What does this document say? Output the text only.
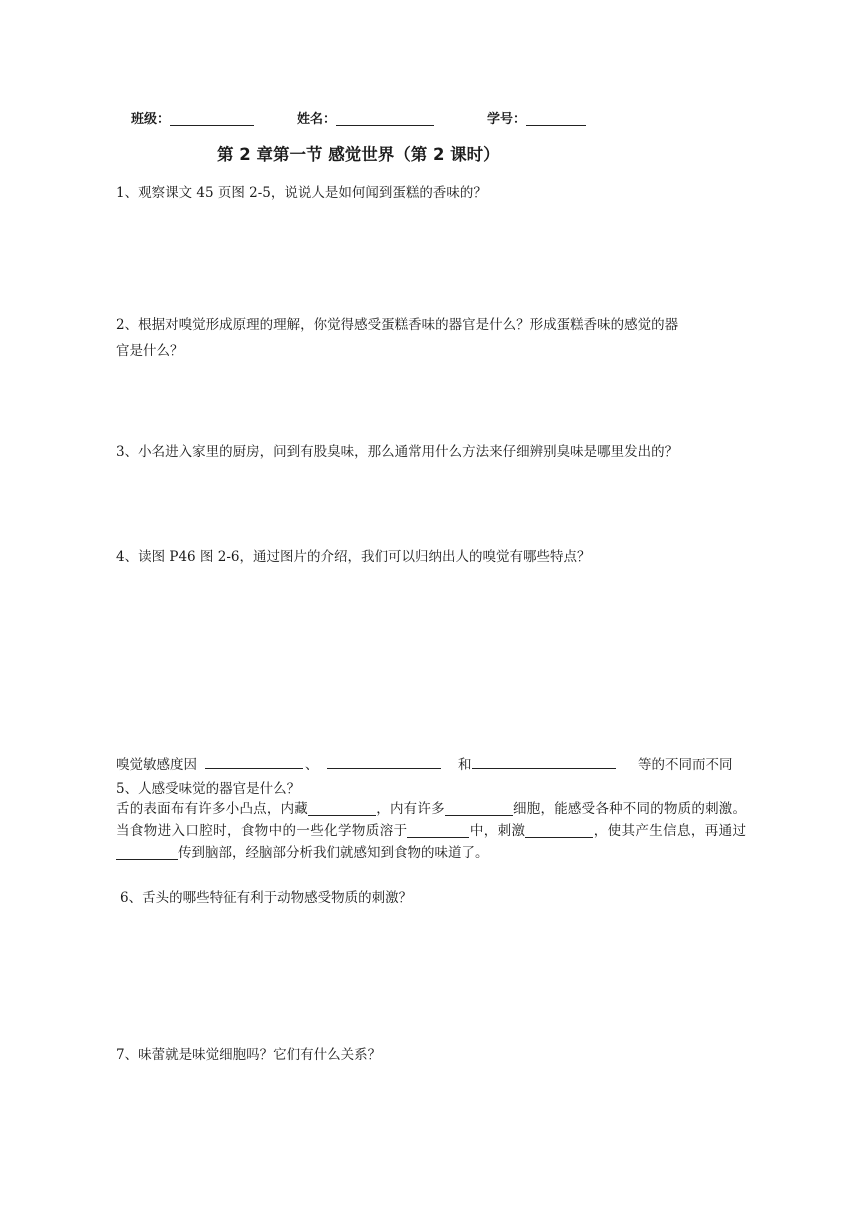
班级：	姓名：	学号：
第 2 章第一节 感觉世界（第 2 课时）
1、观察课文 45 页图 2-5，说说人是如何闻到蛋糕的香味的？
2、根据对嗅觉形成原理的理解，你觉得感受蛋糕香味的器官是什么？形成蛋糕香味的感觉的器
官是什么？
3、小名进入家里的厨房，问到有股臭味，那么通常用什么方法来仔细辨别臭味是哪里发出的？
4、读图 P46 图 2-6，通过图片的介绍，我们可以归纳出人的嗅觉有哪些特点？
嗅觉敏感度因	、	和	等的不同而不同
5、人感受味觉的器官是什么？
舌的表面布有许多小凸点，内藏	，内有许多	细胞，能感受各种不同的物质的刺激。当食物进入口腔时，食物中的一些化学物质溶于	中，刺激	，使其产生信息，再通过传到脑部，经脑部分析我们就感知到食物的味道了。
6、舌头的哪些特征有利于动物感受物质的刺激？
7、味蕾就是味觉细胞吗？它们有什么关系？
